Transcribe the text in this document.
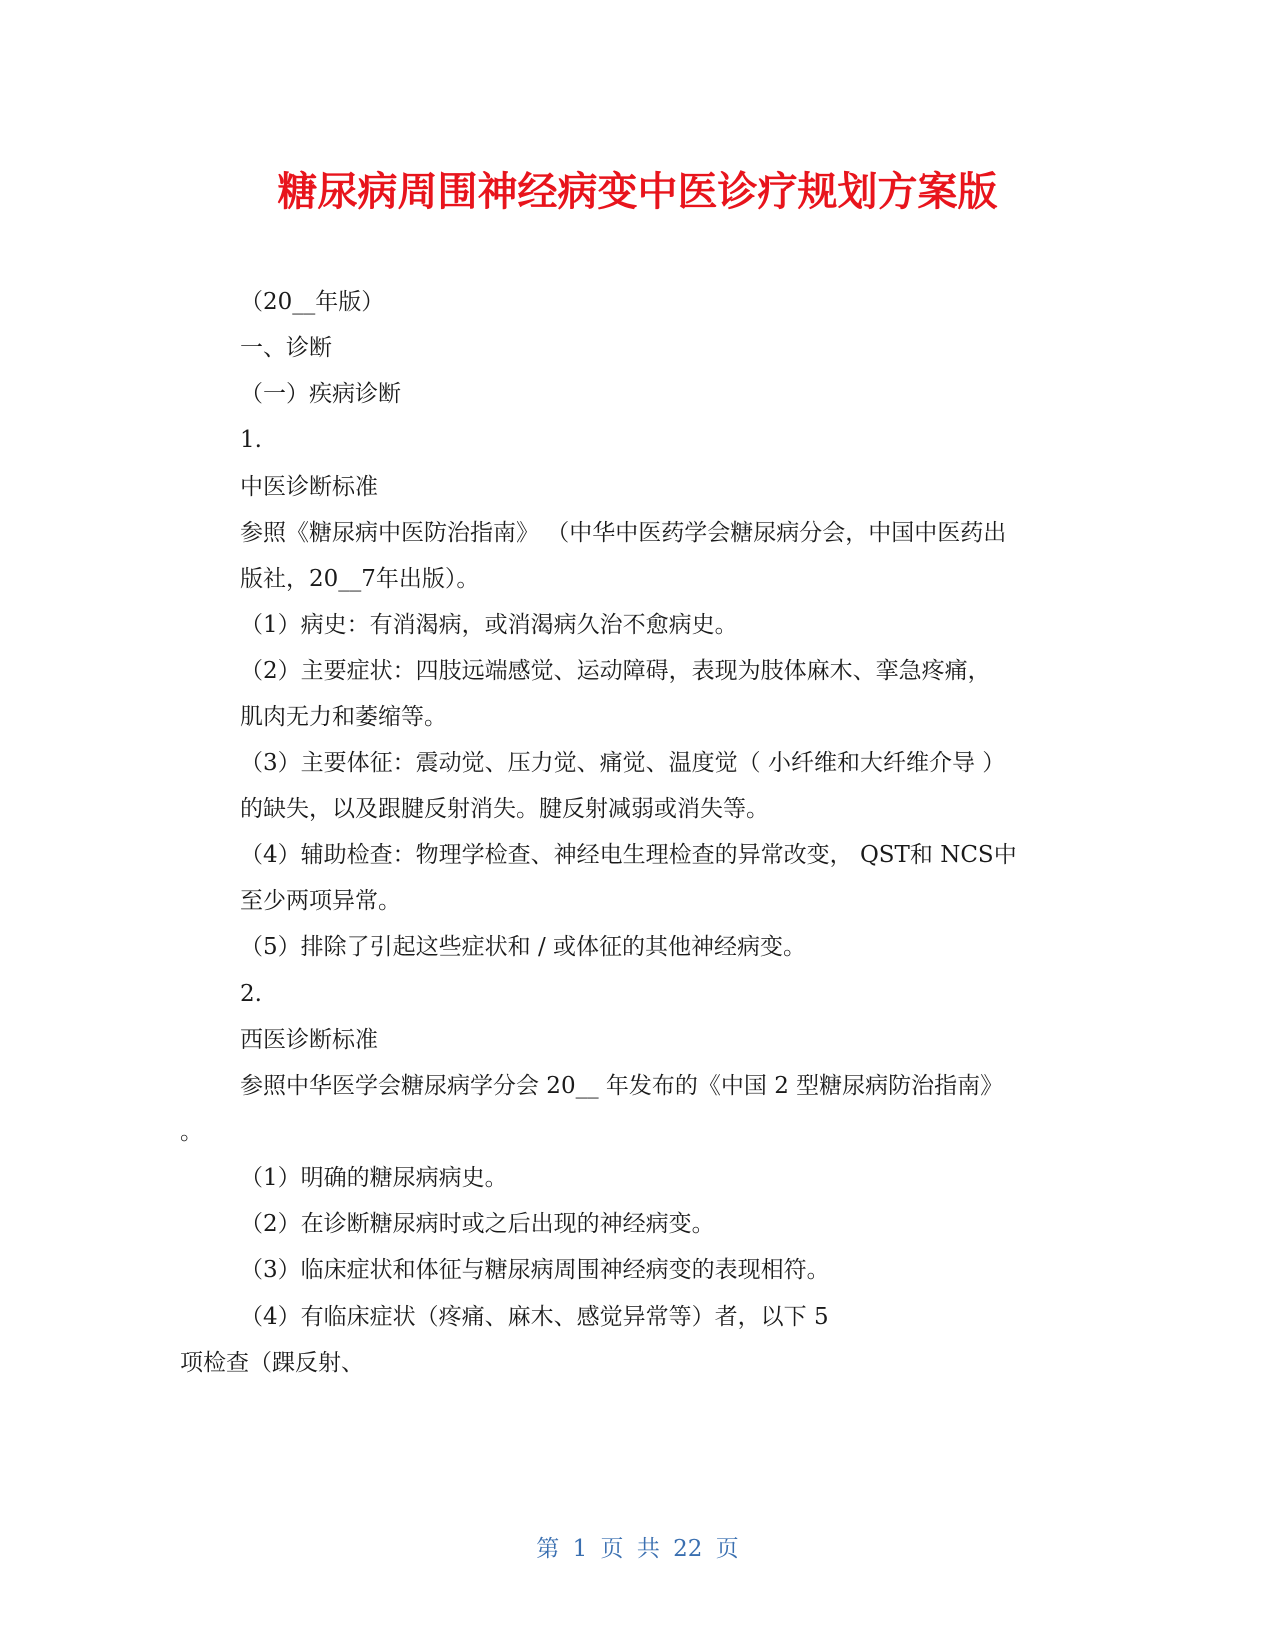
糖尿病周围神经病变中医诊疗规划方案版
（20__年版）
一、诊断
（一）疾病诊断
1.
中医诊断标准
参照《糖尿病中医防治指南》 （中华中医药学会糖尿病分会，中国中医药出
版社，20__7年出版）。
（1）病史：有消渴病，或消渴病久治不愈病史。
（2）主要症状：四肢远端感觉、运动障碍，表现为肢体麻木、挛急疼痛，
肌肉无力和萎缩等。
（3）主要体征：震动觉、压力觉、痛觉、温度觉（ 小纤维和大纤维介导 ）
的缺失，以及跟腱反射消失。腱反射减弱或消失等。
（4）辅助检查：物理学检查、神经电生理检查的异常改变， QST和 NCS中
至少两项异常。
（5）排除了引起这些症状和 / 或体征的其他神经病变。
2.
西医诊断标准
参照中华医学会糖尿病学分会 20__ 年发布的《中国 2 型糖尿病防治指南》
。
（1）明确的糖尿病病史。
（2）在诊断糖尿病时或之后出现的神经病变。
（3）临床症状和体征与糖尿病周围神经病变的表现相符。
（4）有临床症状（疼痛、麻木、感觉异常等）者，以下 5
项检查（踝反射、
第 1 页 共 22 页
